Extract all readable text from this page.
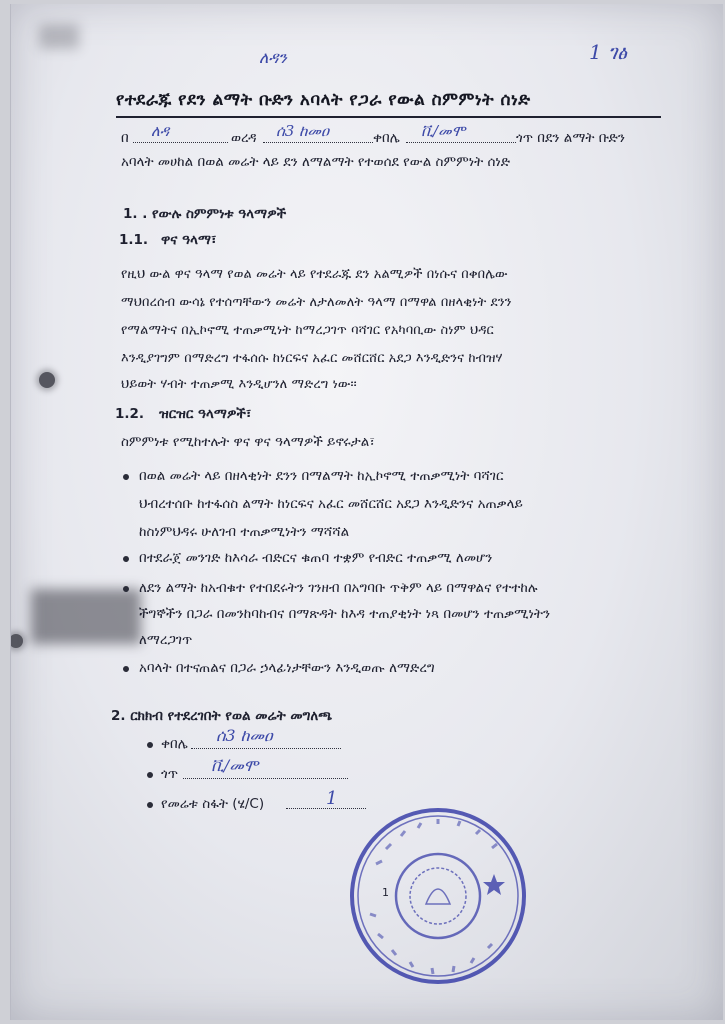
1 ገፅ
ለዳን
የተደራጁ የደን ልማት ቡድን አባላት የጋራ የውል ስምምነት ሰነድ
በ ለዳ	ወረዳ ሰ3 ከመዐ	ቀበሌ ቪ/መሞ	ጎጥ በደን ልማት ቡድን
አባላት መሀከል በወል መሬት ላይ ደን ለማልማት የተወሰደ የውል ስምምነት ሰነድ
1. . የውሉ ስምምነቱ ዓላማዎች
1.1. ዋና ዓላማ፣
የዚህ ውል ዋና ዓላማ የወል መሬት ላይ የተደራጁ ደን አልሚዎች በነሱና በቀበሌው
ማህበረሰብ ውሳኔ የተሰጣቸውን መሬት ለታለመለት ዓላማ በማዋል በዘላቂነት ደንን
የማልማትና በኢኮኖሚ ተጠቃሚነት ከማረጋገጥ ባሻገር የአካባቢው ስነም ህዳር
እንዲያገግም በማድረግ ተፋሰሱ ከነርፍና አፈር መሸርሸር አደጋ እንዲድንና ከብዝሃ
ህይወት ሃብት ተጠቃሚ እንዲሆንለ ማድረግ ነው፡፡
1.2. ዝርዝር ዓላማዎች፣
ስምምነቱ የሚከተሉት ዋና ዋና ዓላማዎች ይኖሩታል፣
በወል መሬት ላይ በዘላቂነት ደንን በማልማት ከኢኮኖሚ ተጠቃሚነት ባሻገር
ህብረተሰቡ ከተፋሰስ ልማት ከነርፍና አፈር መሸርሸር አደጋ እንዲድንና አጠቃላይ
ከስነምህዳሩ ሁለገብ ተጠቃሚነትን ማሻሻል
በተደራጀ መንገድ ከእሳራ ብድርና ቁጠባ ተቋም የብድር ተጠቃሚ ለመሆን
ለደን ልማት ከአብቁተ የተበደሩትን ገንዘብ በአግባቡ ጥቅም ላይ በማዋልና የተተከሉ
ችግኞችን በጋራ በመንከባከብና በማጽዳት ከእዳ ተጠያቂነት ነጻ በመሆን ተጠቃሚነትን
ለማረጋገጥ
አባላት በተናጠልና በጋራ ኃላፊነታቸውን እንዲወጡ ለማድረግ
2. ርክክብ የተደረገበት የወል መሬት መግለጫ
ቀበሌ ሰ3 ከመዐ
ጎጥ ቪ/መሞ
የመሬቱ ስፋት (ሄ/C)	1
1
